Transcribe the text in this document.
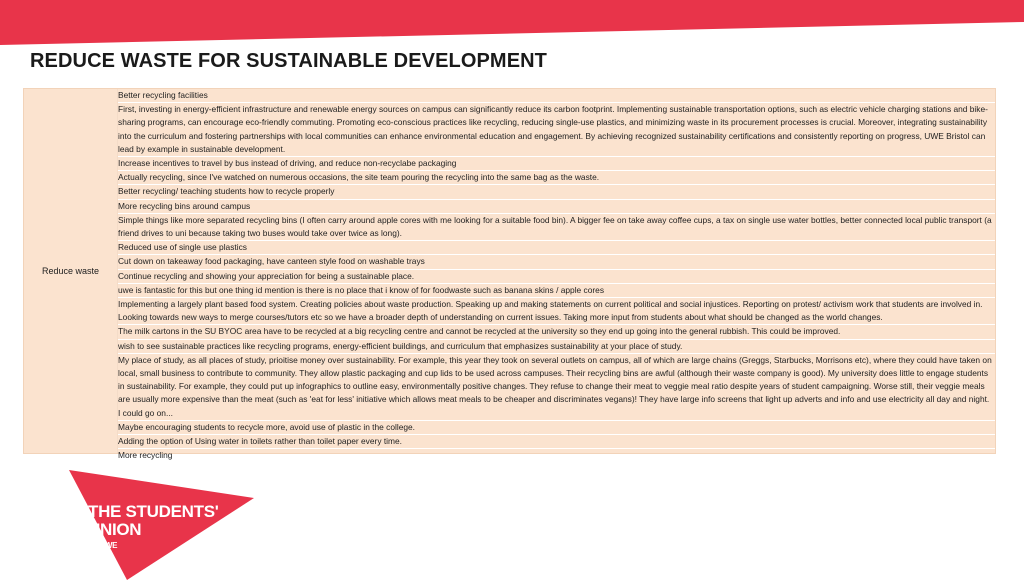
REDUCE WASTE FOR SUSTAINABLE DEVELOPMENT
Reduce waste
Better recycling facilities
First, investing in energy-efficient infrastructure and renewable energy sources on campus can significantly reduce its carbon footprint. Implementing sustainable transportation options, such as electric vehicle charging stations and bike-sharing programs, can encourage eco-friendly commuting. Promoting eco-conscious practices like recycling, reducing single-use plastics, and minimizing waste in its procurement processes is crucial. Moreover, integrating sustainability into the curriculum and fostering partnerships with local communities can enhance environmental education and engagement. By achieving recognized sustainability certifications and consistently reporting on progress, UWE Bristol can lead by example in sustainable development.
Increase incentives to travel by bus instead of driving, and reduce non-recyclabe packaging
Actually recycling, since I've watched on numerous occasions, the site team pouring the recycling into the same bag as the waste.
Better recycling/ teaching students how to recycle properly
More recycling bins around campus
Simple things like more separated recycling bins (I often carry around apple cores with me looking for a suitable food bin). A bigger fee on take away coffee cups, a tax on single use water bottles, better connected local public transport (a friend drives to uni because taking two buses would take over twice as long).
Reduced use of single use plastics
Cut down on takeaway food packaging, have canteen style food on washable trays
Continue recycling and showing your appreciation for being a sustainable place.
uwe is fantastic for this but one thing id mention is there is no place that i know of for foodwaste such as banana skins / apple cores
Implementing a largely plant based food system. Creating policies about waste production. Speaking up and making statements on current political and social injustices. Reporting on protest/ activism work that students are involved in. Looking towards new ways to merge courses/tutors etc so we have a broader depth of understanding on current issues. Taking more input from students about what should be changed as the world changes.
The milk cartons in the SU BYOC area have to be recycled at a big recycling centre and cannot be recycled at the university so they end up going into the general rubbish. This could be improved.
wish to see sustainable practices like recycling programs, energy-efficient buildings, and curriculum that emphasizes sustainability at your place of study.
My place of study, as all places of study, prioitise money over sustainability. For example, this year they took on several outlets on campus, all of which are large chains (Greggs, Starbucks, Morrisons etc), where they could have taken on local, small business to contribute to community. They allow plastic packaging and cup lids to be used across campuses. Their recycling bins are awful (although their waste company is good). My university does little to engage students in sustainability. For example, they could put up infographics to outline easy, environmentally positive changes. They refuse to change their meat to veggie meal ratio despite years of student campaigning. Worse still, their veggie meals are usually more expensive than the meat (such as 'eat for less' initiative which allows meat meals to be cheaper and discriminates vegans)! They have large info screens that light up adverts and info and use electricity all day and night. I could go on...
Maybe encouraging students to recycle more, avoid use of plastic in the college.
Adding the option of Using water in toilets rather than toilet paper every time.
More recycling
THE STUDENTS'
UNION
AT UWE
